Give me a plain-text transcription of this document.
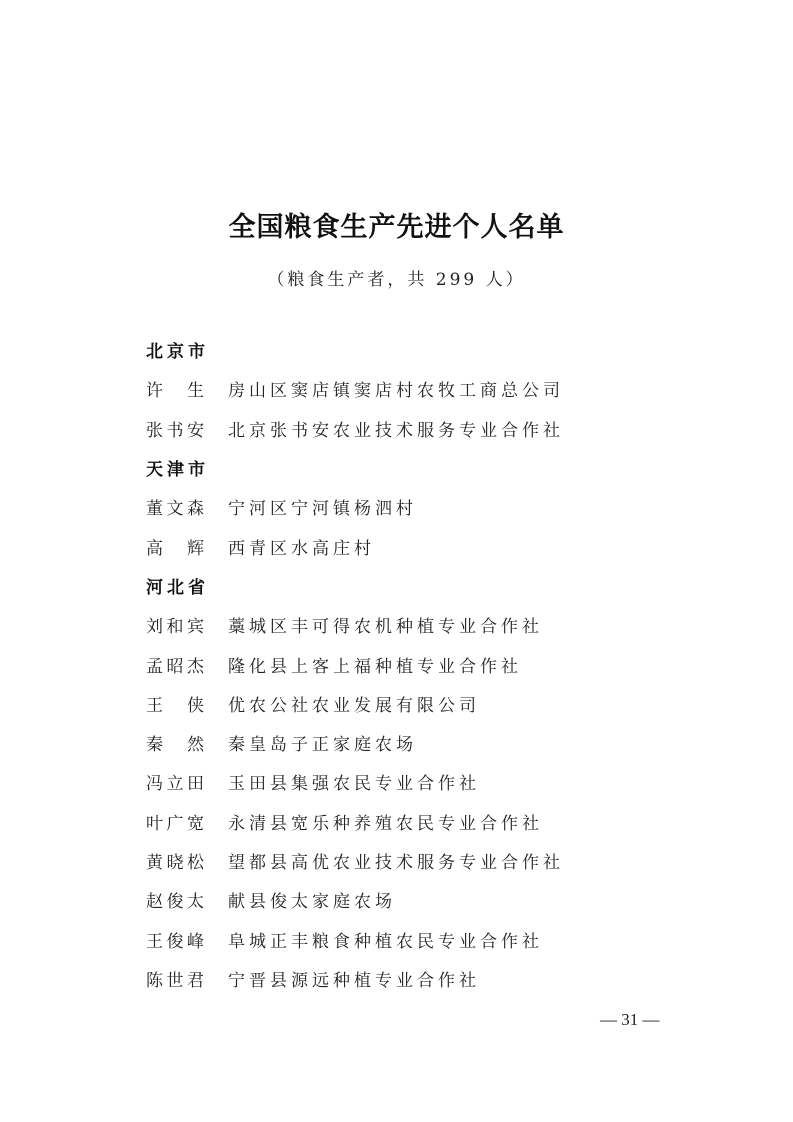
全国粮食生产先进个人名单
（粮食生产者，共 299 人）
北京市
许 生 房山区窦店镇窦店村农牧工商总公司
张 书 安 北京张书安农业技术服务专业合作社
天津市
董 文 森 宁河区宁河镇杨泗村
高 辉 西青区水高庄村
河北省
刘 和 宾 藁城区丰可得农机种植专业合作社
孟 昭 杰 隆化县上客上福种植专业合作社
王 侠 优农公社农业发展有限公司
秦 然 秦皇岛子正家庭农场
冯 立 田 玉田县集强农民专业合作社
叶 广 宽 永清县宽乐种养殖农民专业合作社
黄 晓 松 望都县高优农业技术服务专业合作社
赵 俊 太 献县俊太家庭农场
王 俊 峰 阜城正丰粮食种植农民专业合作社
陈 世 君 宁晋县源远种植专业合作社
— 31 —
